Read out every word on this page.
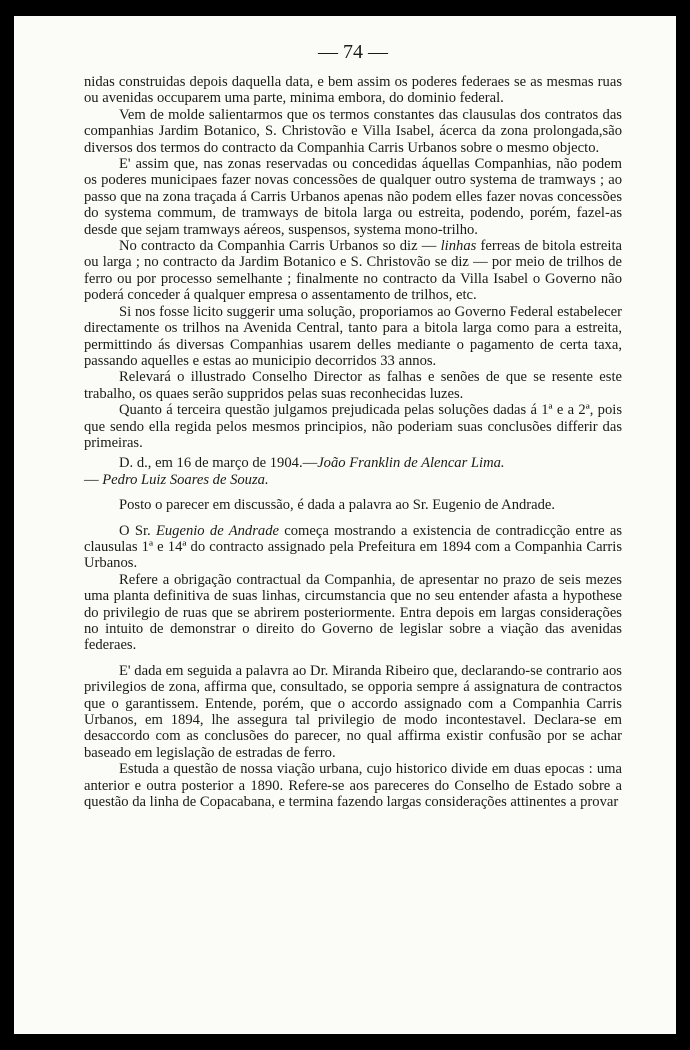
— 74 —

nidas construidas depois daquella data, e bem assim os poderes federaes se as mesmas ruas ou avenidas occuparem uma parte, minima embora, do dominio federal.

Vem de molde salientarmos que os termos constantes das clausulas dos contratos das companhias Jardim Botanico, S. Christovão e Villa Isabel, ácerca da zona prolongada,são diversos dos termos do contracto da Companhia Carris Urbanos sobre o mesmo objecto.

E' assim que, nas zonas reservadas ou concedidas áquellas Companhias, não podem os poderes municipaes fazer novas concessões de qualquer outro systema de tramways ; ao passo que na zona traçada á Carris Urbanos apenas não podem elles fazer novas concessões do systema commum, de tramways de bitola larga ou estreita, podendo, porém, fazel-as desde que sejam tramways aéreos, suspensos, systema mono-trilho.

No contracto da Companhia Carris Urbanos so diz — linhas ferreas de bitola estreita ou larga ; no contracto da Jardim Botanico e S. Christovão se diz — por meio de trilhos de ferro ou por processo semelhante ; finalmente no contracto da Villa Isabel o Governo não poderá conceder á qualquer empresa o assentamento de trilhos, etc.

Si nos fosse licito suggerir uma solução, proporiamos ao Governo Federal estabelecer directamente os trilhos na Avenida Central, tanto para a bitola larga como para a estreita, permittindo ás diversas Companhias usarem delles mediante o pagamento de certa taxa, passando aquelles e estas ao municipio decorridos 33 annos.

Relevará o illustrado Conselho Director as falhas e senões de que se resente este trabalho, os quaes serão suppridos pelas suas reconhecidas luzes.

Quanto á terceira questão julgamos prejudicada pelas soluções dadas á 1ª e a 2ª, pois que sendo ella regida pelos mesmos principios, não poderiam suas conclusões differir das primeiras.

D. d., em 16 de março de 1904.—João Franklin de Alencar Lima.

— Pedro Luiz Soares de Souza.

Posto o parecer em discussão, é dada a palavra ao Sr. Eugenio de Andrade.

O Sr. Eugenio de Andrade começa mostrando a existencia de contradicção entre as clausulas 1ª e 14ª do contracto assignado pela Prefeitura em 1894 com a Companhia Carris Urbanos.

Refere a obrigação contractual da Companhia, de apresentar no prazo de seis mezes uma planta definitiva de suas linhas, circumstancia que no seu entender afasta a hypothese do privilegio de ruas que se abrirem posteriormente. Entra depois em largas considerações no intuito de demonstrar o direito do Governo de legislar sobre a viação das avenidas federaes.

E' dada em seguida a palavra ao Dr. Miranda Ribeiro que, declarando-se contrario aos privilegios de zona, affirma que, consultado, se opporia sempre á assignatura de contractos que o garantissem. Entende, porém, que o accordo assignado com a Companhia Carris Urbanos, em 1894, lhe assegura tal privilegio de modo incontestavel. Declara-se em desaccordo com as conclusões do parecer, no qual affirma existir confusão por se achar baseado em legislação de estradas de ferro.

Estuda a questão de nossa viação urbana, cujo historico divide em duas epocas : uma anterior e outra posterior a 1890. Refere-se aos pareceres do Conselho de Estado sobre a questão da linha de Copacabana, e termina fazendo largas considerações attinentes a provar
